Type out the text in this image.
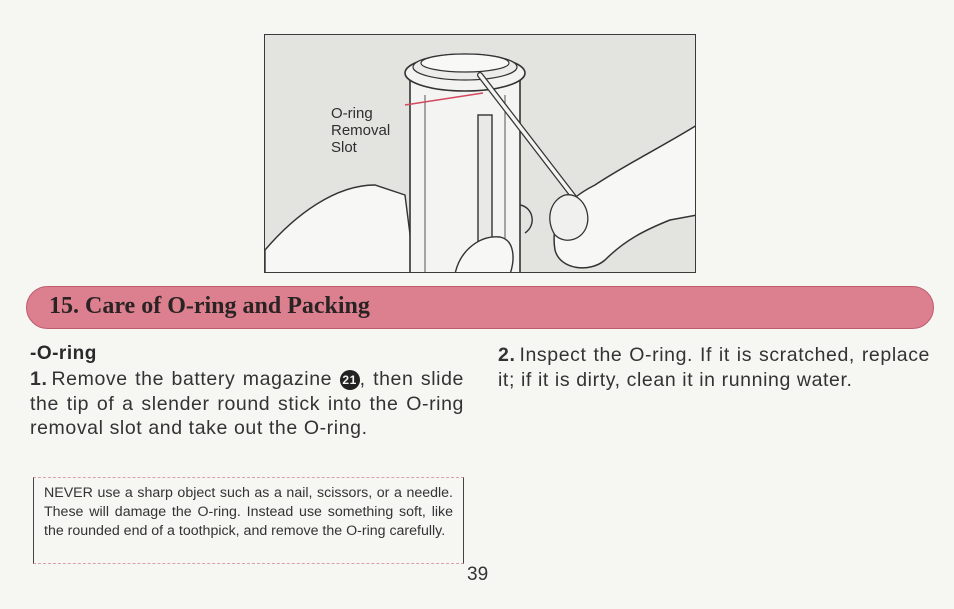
O-ring
Removal
Slot
15. Care of O-ring and Packing
-O-ring

1. Remove the battery magazine 21 , then slide the tip of a slender round stick into the O-ring removal slot and take out the O-ring.

NEVER use a sharp object such as a nail, scissors, or a needle. These will damage the O-ring. Instead use something soft, like the rounded end of a toothpick, and remove the O-ring carefully.

2. Inspect the O-ring. If it is scratched, replace it; if it is dirty, clean it in running water.

39
